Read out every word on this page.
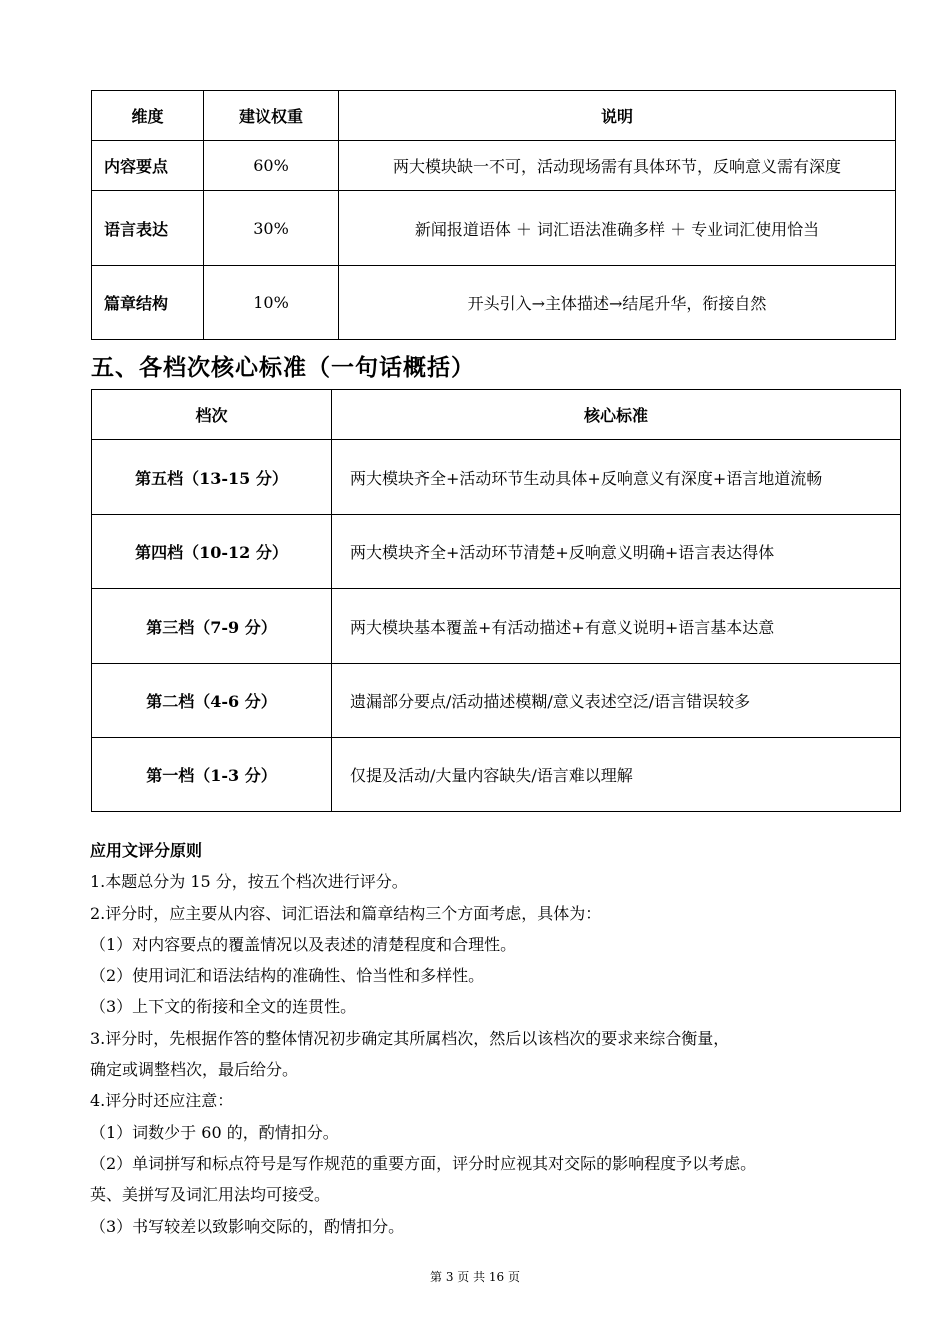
维度	建议权重	说明
内容要点	60%	两大模块缺一不可，活动现场需有具体环节，反响意义需有深度
语言表达	30%	新闻报道语体 ＋ 词汇语法准确多样 ＋ 专业词汇使用恰当
篇章结构	10%	开头引入→主体描述→结尾升华，衔接自然
五、各档次核心标准（一句话概括）
档次	核心标准
第五档（13-15 分）	两大模块齐全+活动环节生动具体+反响意义有深度+语言地道流畅
第四档（10-12 分）	两大模块齐全+活动环节清楚+反响意义明确+语言表达得体
第三档（7-9 分）	两大模块基本覆盖+有活动描述+有意义说明+语言基本达意
第二档（4-6 分）	遗漏部分要点/活动描述模糊/意义表述空泛/语言错误较多
第一档（1-3 分）	仅提及活动/大量内容缺失/语言难以理解

应用文评分原则

1.本题总分为 15 分，按五个档次进行评分。

2.评分时，应主要从内容、词汇语法和篇章结构三个方面考虑，具体为：

（1）对内容要点的覆盖情况以及表述的清楚程度和合理性。

（2）使用词汇和语法结构的准确性、恰当性和多样性。

（3）上下文的衔接和全文的连贯性。

3.评分时，先根据作答的整体情况初步确定其所属档次，然后以该档次的要求来综合衡量，

确定或调整档次，最后给分。

4.评分时还应注意：

（1）词数少于 60 的，酌情扣分。

（2）单词拼写和标点符号是写作规范的重要方面，评分时应视其对交际的影响程度予以考虑。

英、美拼写及词汇用法均可接受。

（3）书写较差以致影响交际的，酌情扣分。

第 3 页 共 16 页
